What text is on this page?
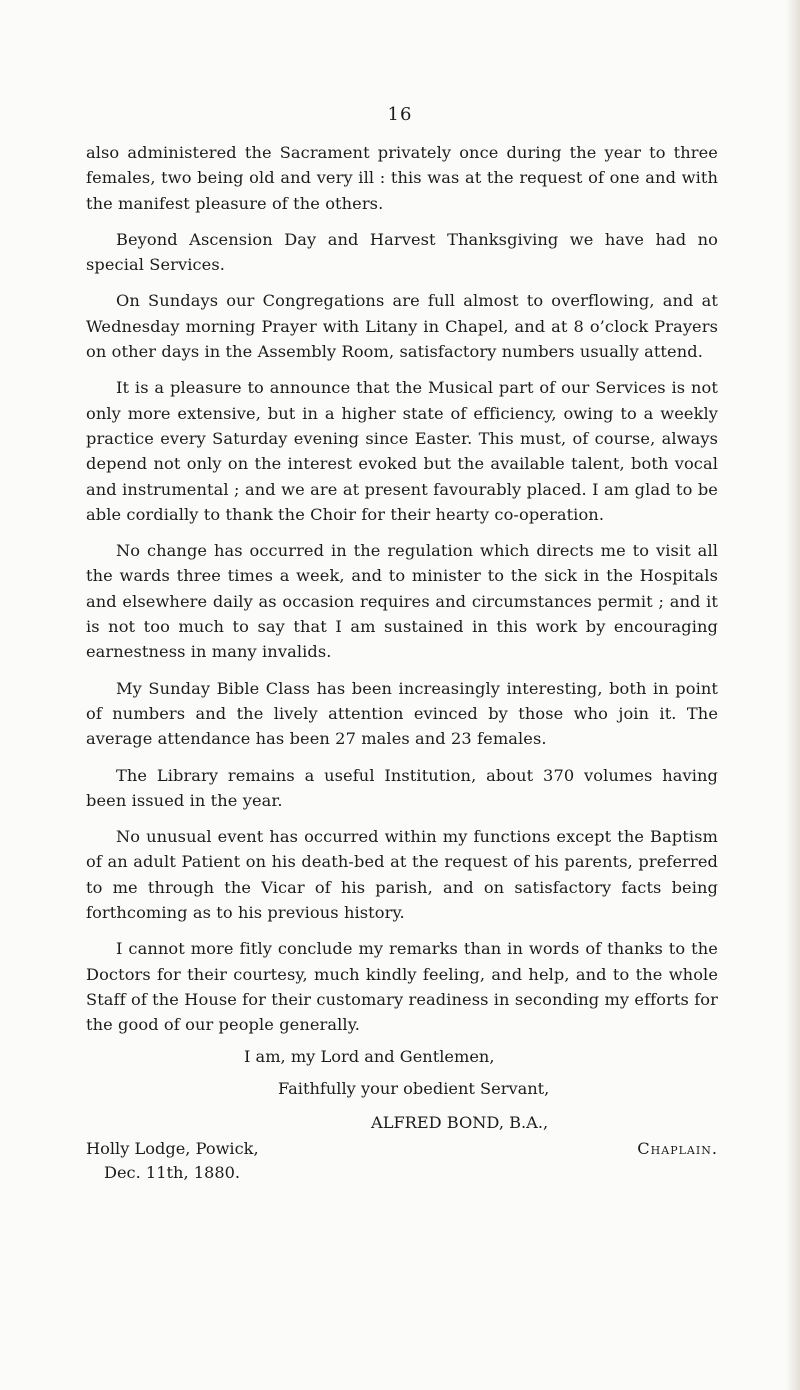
16

also administered the Sacrament privately once during the year to three females, two being old and very ill : this was at the request of one and with the manifest pleasure of the others.

Beyond Ascension Day and Harvest Thanksgiving we have had no special Services.

On Sundays our Congregations are full almost to overflowing, and at Wednesday morning Prayer with Litany in Chapel, and at 8 o’clock Prayers on other days in the Assembly Room, satisfactory numbers usually attend.

It is a pleasure to announce that the Musical part of our Services is not only more extensive, but in a higher state of efficiency, owing to a weekly practice every Saturday evening since Easter. This must, of course, always depend not only on the interest evoked but the available talent, both vocal and instrumental ; and we are at present favourably placed. I am glad to be able cordially to thank the Choir for their hearty co-operation.

No change has occurred in the regulation which directs me to visit all the wards three times a week, and to minister to the sick in the Hospitals and elsewhere daily as occasion requires and circumstances permit ; and it is not too much to say that I am sustained in this work by encouraging earnestness in many invalids.

My Sunday Bible Class has been increasingly interesting, both in point of numbers and the lively attention evinced by those who join it. The average attendance has been 27 males and 23 females.

The Library remains a useful Institution, about 370 volumes having been issued in the year.

No unusual event has occurred within my functions except the Baptism of an adult Patient on his death-bed at the request of his parents, preferred to me through the Vicar of his parish, and on satisfactory facts being forthcoming as to his previous history.

I cannot more fitly conclude my remarks than in words of thanks to the Doctors for their courtesy, much kindly feeling, and help, and to the whole Staff of the House for their customary readiness in seconding my efforts for the good of our people generally.

I am, my Lord and Gentlemen,
Faithfully your obedient Servant,
ALFRED BOND, B.A.,
Holly Lodge, Powick,	Chaplain.
Dec. 11th, 1880.
